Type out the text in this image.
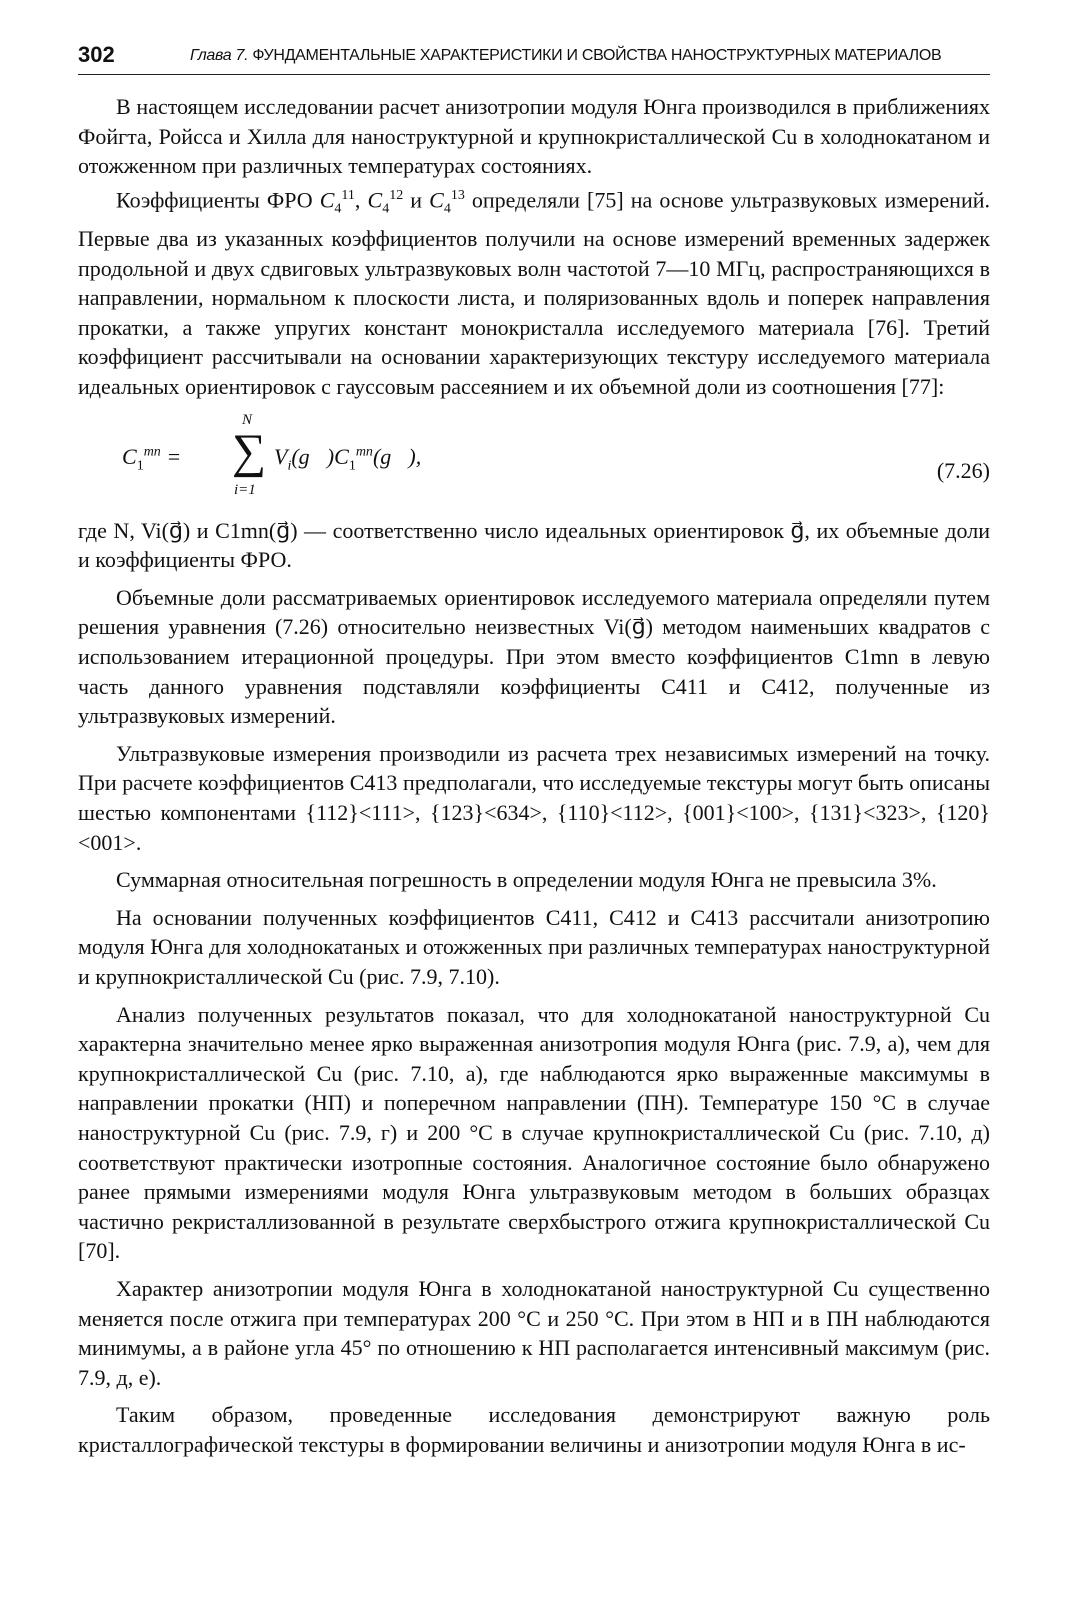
302	Глава 7. ФУНДАМЕНТАЛЬНЫЕ ХАРАКТЕРИСТИКИ И СВОЙСТВА НАНОСТРУКТУРНЫХ МАТЕРИАЛОВ

В настоящем исследовании расчет анизотропии модуля Юнга производился в приближениях Фойгта, Ройсса и Хилла для наноструктурной и крупнокристаллической Cu в холоднокатаном и отожженном при различных температурах состояниях.

Коэффициенты ФРО $C_4^{11}$, $C_4^{12}$ и $C_4^{13}$ определяли [75] на основе ультразвуковых измерений. Первые два из указанных коэффициентов получили на основе измерений временных задержек продольной и двух сдвиговых ультразвуковых волн частотой 7—10 МГц, распространяющихся в направлении, нормальном к плоскости листа, и поляризованных вдоль и поперек направления прокатки, а также упругих констант монокристалла исследуемого материала [76]. Третий коэффициент рассчитывали на основании характеризующих текстуру исследуемого материала идеальных ориентировок с гауссовым рассеянием и их объемной доли из соотношения [77]:

$C_1^{mn}$ =
N
∑
i=1
$V_i(g⃗)C_1^{mn}(g⃗)$,
(7.26)

где N, Vi(g⃗) и C1mn(g⃗) — соответственно число идеальных ориентировок g⃗, их объемные доли и коэффициенты ФРО.

Объемные доли рассматриваемых ориентировок исследуемого материала определяли путем решения уравнения (7.26) относительно неизвестных Vi(g⃗) методом наименьших квадратов с использованием итерационной процедуры. При этом вместо коэффициентов C1mn в левую часть данного уравнения подставляли коэффициенты C411 и C412, полученные из ультразвуковых измерений.

Ультразвуковые измерения производили из расчета трех независимых измерений на точку. При расчете коэффициентов C413 предполагали, что исследуемые текстуры могут быть описаны шестью компонентами {112}<111>, {123}<634>, {110}<112>, {001}<100>, {131}<323>, {120}<001>.

Суммарная относительная погрешность в определении модуля Юнга не превысила 3%.

На основании полученных коэффициентов C411, C412 и C413 рассчитали анизотропию модуля Юнга для холоднокатаных и отожженных при различных температурах наноструктурной и крупнокристаллической Cu (рис. 7.9, 7.10).

Анализ полученных результатов показал, что для холоднокатаной наноструктурной Cu характерна значительно менее ярко выраженная анизотропия модуля Юнга (рис. 7.9, а), чем для крупнокристаллической Cu (рис. 7.10, а), где наблюдаются ярко выраженные максимумы в направлении прокатки (НП) и поперечном направлении (ПН). Температуре 150 °C в случае наноструктурной Cu (рис. 7.9, г) и 200 °C в случае крупнокристаллической Cu (рис. 7.10, д) соответствуют практически изотропные состояния. Аналогичное состояние было обнаружено ранее прямыми измерениями модуля Юнга ультразвуковым методом в больших образцах частично рекристаллизованной в результате сверхбыстрого отжига крупнокристаллической Cu [70].

Характер анизотропии модуля Юнга в холоднокатаной наноструктурной Cu существенно меняется после отжига при температурах 200 °C и 250 °C. При этом в НП и в ПН наблюдаются минимумы, а в районе угла 45° по отношению к НП располагается интенсивный максимум (рис. 7.9, д, е).

Таким образом, проведенные исследования демонстрируют важную роль кристаллографической текстуры в формировании величины и анизотропии модуля Юнга в ис-
